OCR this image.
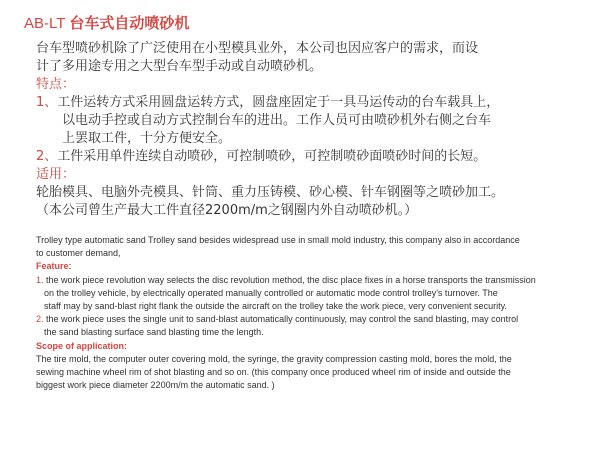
AB-LT 台车式自动喷砂机
台车型喷砂机除了广泛使用在小型模具业外，本公司也因应客户的需求，而设
计了多用途专用之大型台车型手动或自动喷砂机。
特点：
1、工件运转方式采用圆盘运转方式，圆盘座固定于一具马运传动的台车载具上，
以电动手控或自动方式控制台车的进出。工作人员可由喷砂机外右侧之台车
上罢取工件，十分方便安全。
2、工件采用单件连续自动喷砂，可控制喷砂，可控制喷砂面喷砂时间的长短。
适用：
轮胎模具、电脑外壳模具、针筒、重力压铸模、砂心模、针车钢圈等之喷砂加工。
（本公司曾生产最大工件直径2200m/m之钢圈内外自动喷砂机。）
Trolley type automatic sand Trolley sand besides widespread use in small mold industry, this company also in accordance
to customer demand,
Feature:
1. the work piece revolution way selects the disc revolution method, the disc place fixes in a horse transports the transmission
on the trolley vehicle, by electrically operated manually controlled or automatic mode control trolley's turnover. The
staff may by sand-blast right flank the outside the aircraft on the trolley take the work piece, very convenient security.
2. the work piece uses the single unit to sand-blast automatically continuously, may control the sand blasting, may control
the sand blasting surface sand blasting time the length.
Scope of application:
The tire mold, the computer outer covering mold, the syringe, the gravity compression casting mold, bores the mold, the
sewing machine wheel rim of shot blasting and so on. (this company once produced wheel rim of inside and outside the
biggest work piece diameter 2200m/m the automatic sand. )
